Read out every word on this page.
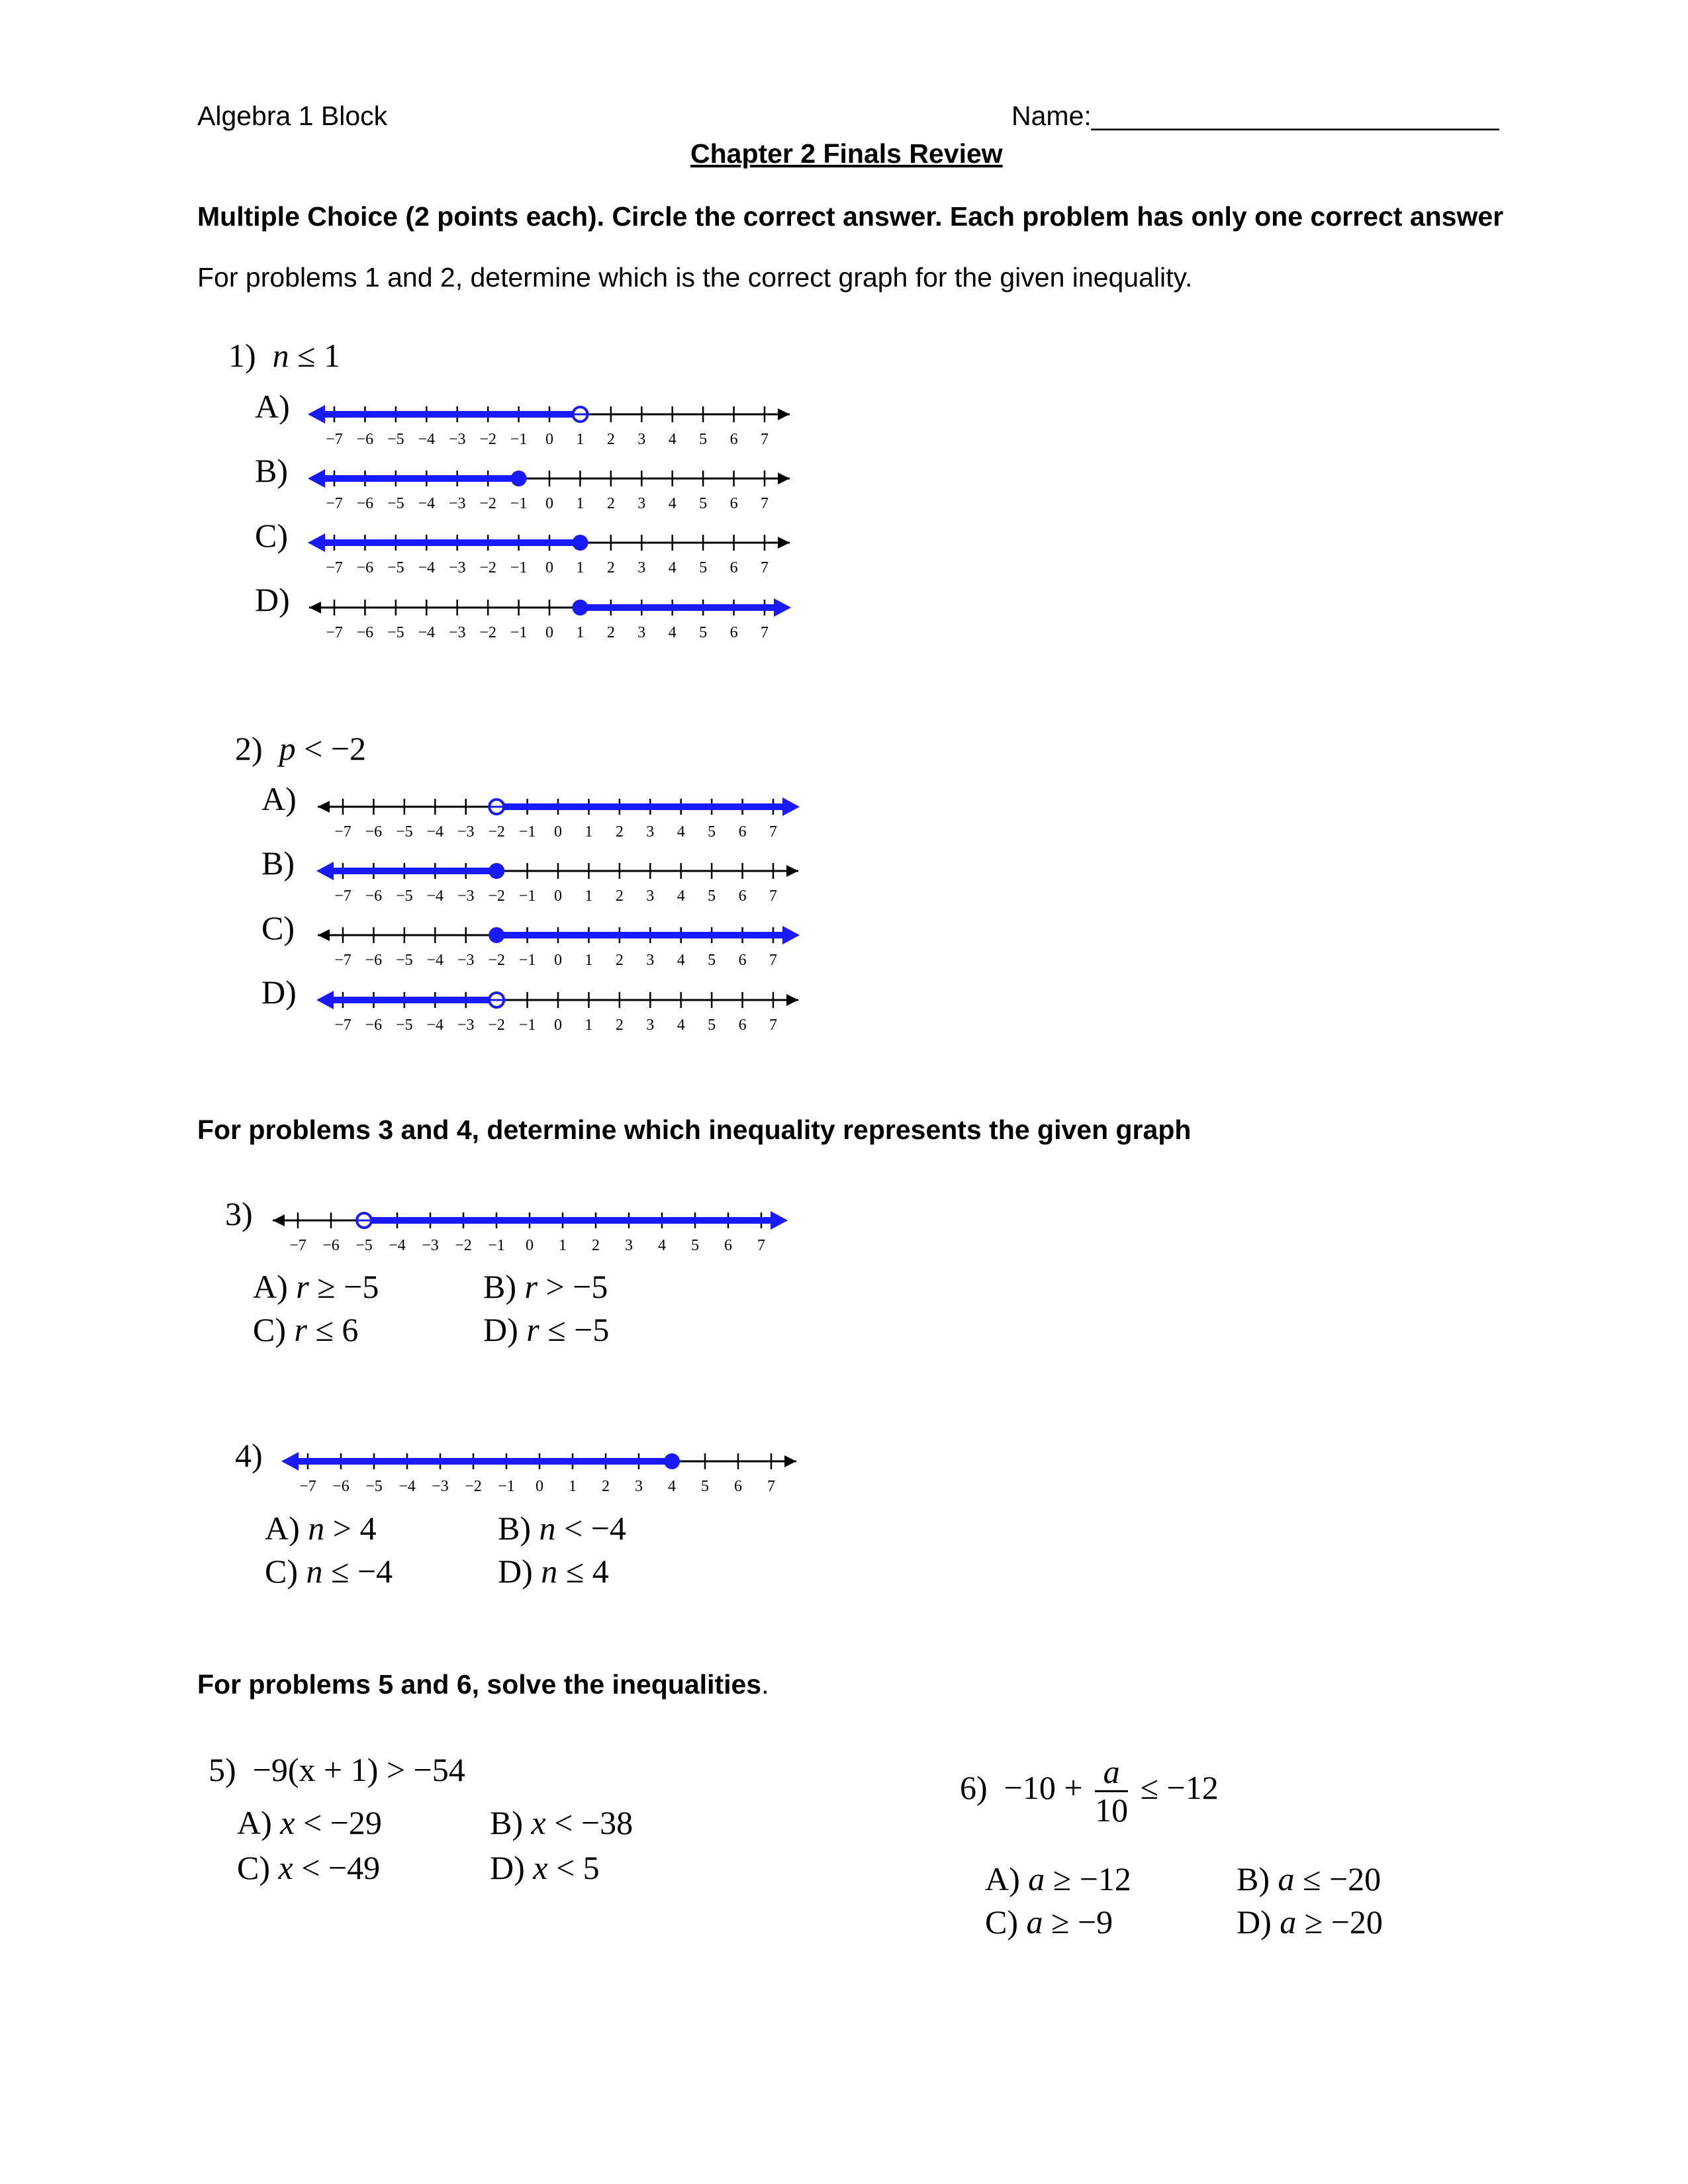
Algebra 1 Block	Name:___________________________
Chapter 2 Finals Review
Multiple Choice (2 points each). Circle the correct answer. Each problem has only one correct answer
For problems 1 and 2, determine which is the correct graph for the given inequality.
1) n ≤ 1
A)
−7 −6 −5 −4 −3 −2 −1 0 1 2 3 4 5 6 7
B)
−7 −6 −5 −4 −3 −2 −1 0 1 2 3 4 5 6 7
C)
−7 −6 −5 −4 −3 −2 −1 0 1 2 3 4 5 6 7
D)
−7 −6 −5 −4 −3 −2 −1 0 1 2 3 4 5 6 7
2) p < −2
A)
−7 −6 −5 −4 −3 −2 −1 0 1 2 3 4 5 6 7
B)
−7 −6 −5 −4 −3 −2 −1 0 1 2 3 4 5 6 7
C)
−7 −6 −5 −4 −3 −2 −1 0 1 2 3 4 5 6 7
D)
−7 −6 −5 −4 −3 −2 −1 0 1 2 3 4 5 6 7
For problems 3 and 4, determine which inequality represents the given graph
3)
−7 −6 −5 −4 −3 −2 −1 0 1 2 3 4 5 6 7
A) r ≥ −5	B) r > −5
C) r ≤ 6	D) r ≤ −5
4)
−7 −6 −5 −4 −3 −2 −1 0 1 2 3 4 5 6 7
A) n > 4	B) n < −4
C) n ≤ −4	D) n ≤ 4
For problems 5 and 6, solve the inequalities.
5) −9(x + 1) > −54
A) x < −29	B) x < −38
C) x < −49	D) x < 5
$6) -10 + \frac{a}{10} \le -12$
A) a ≥ −12	B) a ≤ −20
C) a ≥ −9	D) a ≥ −20
